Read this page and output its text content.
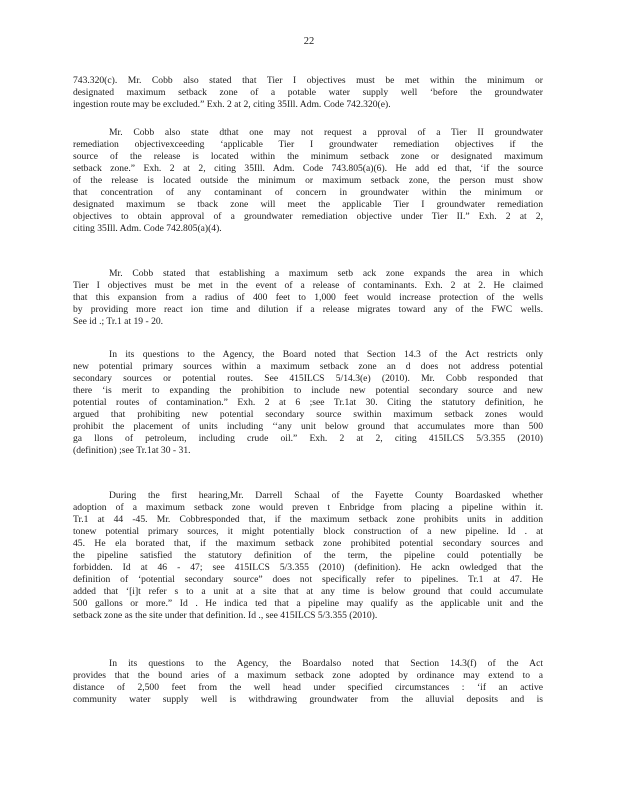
22
743.320(c). Mr. Cobb also stated that Tier I objectives must be met within the minimum or
designated maximum setback zone of a potable water supply well ‘before the groundwater
ingestion route may be excluded.” Exh. 2 at 2, citing 35Ill. Adm. Code 742.320(e).
Mr. Cobb also state dthat one may not request a pproval of a Tier II groundwater
remediation objectivexceeding ‘applicable Tier I groundwater remediation objectives if the
source of the release is located within the minimum setback zone or designated maximum
setback zone.” Exh. 2 at 2, citing 35Ill. Adm. Code 743.805(a)(6). He add ed that, ‘if the source
of the release is located outside the minimum or maximum setback zone, the person must show
that concentration of any contaminant of concern in groundwater within the minimum or
designated maximum se tback zone will meet the applicable Tier I groundwater remediation
objectives to obtain approval of a groundwater remediation objective under Tier II.” Exh. 2 at 2,
citing 35Ill. Adm. Code 742.805(a)(4).
Mr. Cobb stated that establishing a maximum setb ack zone expands the area in which
Tier I objectives must be met in the event of a release of contaminants. Exh. 2 at 2. He claimed
that this expansion from a radius of 400 feet to 1,000 feet would increase protection of the wells
by providing more react ion time and dilution if a release migrates toward any of the FWC wells.
See id .; Tr.1 at 19 - 20.
In its questions to the Agency, the Board noted that Section 14.3 of the Act restricts only
new potential primary sources within a maximum setback zone an d does not address potential
secondary sources or potential routes. See 415ILCS 5/14.3(e) (2010). Mr. Cobb responded that
there ‘is merit to expanding the prohibition to include new potential secondary source and new
potential routes of contamination.” Exh. 2 at 6 ;see Tr.1at 30. Citing the statutory definition, he
argued that prohibiting new potential secondary source swithin maximum setback zones would
prohibit the placement of units including ‘‘any unit below ground that accumulates more than 500
ga llons of petroleum, including crude oil.” Exh. 2 at 2, citing 415ILCS 5/3.355 (2010)
(definition) ;see Tr.1at 30 - 31.
During the first hearing,Mr. Darrell Schaal of the Fayette County Boardasked whether
adoption of a maximum setback zone would preven t Enbridge from placing a pipeline within it.
Tr.1 at 44 -45. Mr. Cobbresponded that, if the maximum setback zone prohibits units in addition
tonew potential primary sources, it might potentially block construction of a new pipeline. Id . at
45. He ela borated that, if the maximum setback zone prohibited potential secondary sources and
the pipeline satisfied the statutory definition of the term, the pipeline could potentially be
forbidden. Id at 46 - 47; see 415ILCS 5/3.355 (2010) (definition). He ackn owledged that the
definition of ‘potential secondary source” does not specifically refer to pipelines. Tr.1 at 47. He
added that ‘[i]t refer s to a unit at a site that at any time is below ground that could accumulate
500 gallons or more.” Id . He indica ted that a pipeline may qualify as the applicable unit and the
setback zone as the site under that definition. Id ., see 415ILCS 5/3.355 (2010).
In its questions to the Agency, the Boardalso noted that Section 14.3(f) of the Act
provides that the bound aries of a maximum setback zone adopted by ordinance may extend to a
distance of 2,500 feet from the well head under specified circumstances : ‘if an active
community water supply well is withdrawing groundwater from the alluvial deposits and is
